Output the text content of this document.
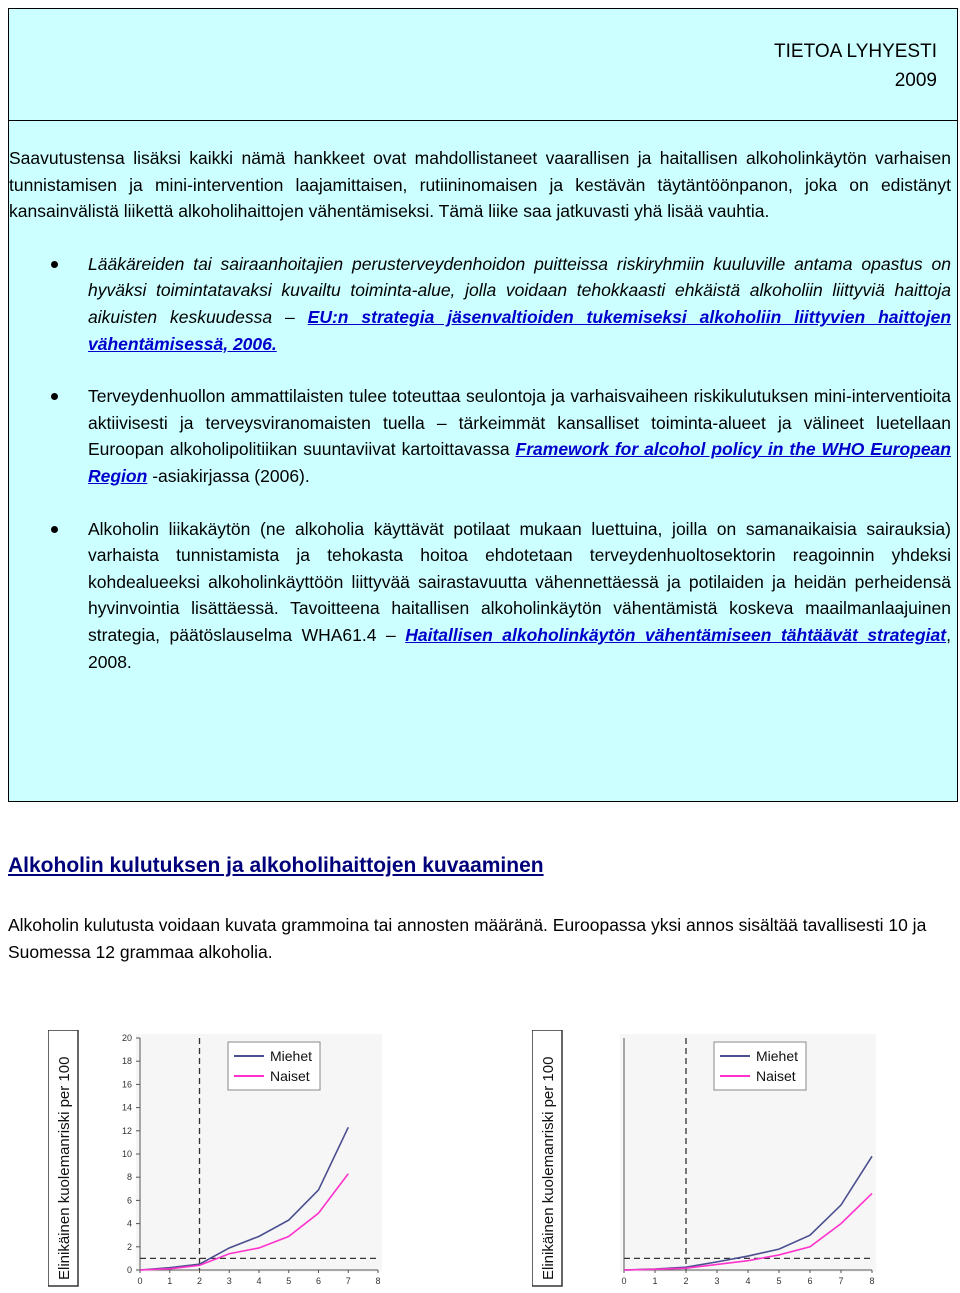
TIETOA LYHYESTI
2009

Saavutustensa lisäksi kaikki nämä hankkeet ovat mahdollistaneet vaarallisen ja haitallisen alkoholinkäytön varhaisen tunnistamisen ja mini-intervention laajamittaisen, rutiininomaisen ja kestävän täytäntöönpanon, joka on edistänyt kansainvälistä liikettä alkoholihaittojen vähentämiseksi. Tämä liike saa jatkuvasti yhä lisää vauhtia.

Lääkäreiden tai sairaanhoitajien perusterveydenhoidon puitteissa riskiryhmiin kuuluville antama opastus on hyväksi toimintatavaksi kuvailtu toiminta-alue, jolla voidaan tehokkaasti ehkäistä alkoholiin liittyviä haittoja aikuisten keskuudessa – EU:n strategia jäsenvaltioiden tukemiseksi alkoholiin liittyvien haittojen vähentämisessä, 2006.
Terveydenhuollon ammattilaisten tulee toteuttaa seulontoja ja varhaisvaiheen riskikulutuksen mini-interventioita aktiivisesti ja terveysviranomaisten tuella – tärkeimmät kansalliset toiminta-alueet ja välineet luetellaan Euroopan alkoholipolitiikan suuntaviivat kartoittavassa Framework for alcohol policy in the WHO European Region -asiakirjassa (2006).
Alkoholin liikakäytön (ne alkoholia käyttävät potilaat mukaan luettuina, joilla on samanaikaisia sairauksia) varhaista tunnistamista ja tehokasta hoitoa ehdotetaan terveydenhuoltosektorin reagoinnin yhdeksi kohdealueeksi alkoholinkäyttöön liittyvää sairastavuutta vähennettäessä ja potilaiden ja heidän perheidensä hyvinvointia lisättäessä. Tavoitteena haitallisen alkoholinkäytön vähentämistä koskeva maailmanlaajuinen strategia, päätöslauselma WHA61.4 – Haitallisen alkoholinkäytön vähentämiseen tähtäävät strategiat, 2008.
Alkoholin kulutuksen ja alkoholihaittojen kuvaaminen

Alkoholin kulutusta voidaan kuvata grammoina tai annosten määränä. Euroopassa yksi annos sisältää tavallisesti 10 ja Suomessa 12 grammaa alkoholia.

Elinikäinen kuolemanriski per 100	0
2
4
6
8
10
12
14
16
18
20
0	1	2	3	4	5	6	7	8
Miehet
Naiset	Elinikäinen kuolemanriski per 100
0	1	2	3	4	5	6	7	8
Miehet
Naiset
